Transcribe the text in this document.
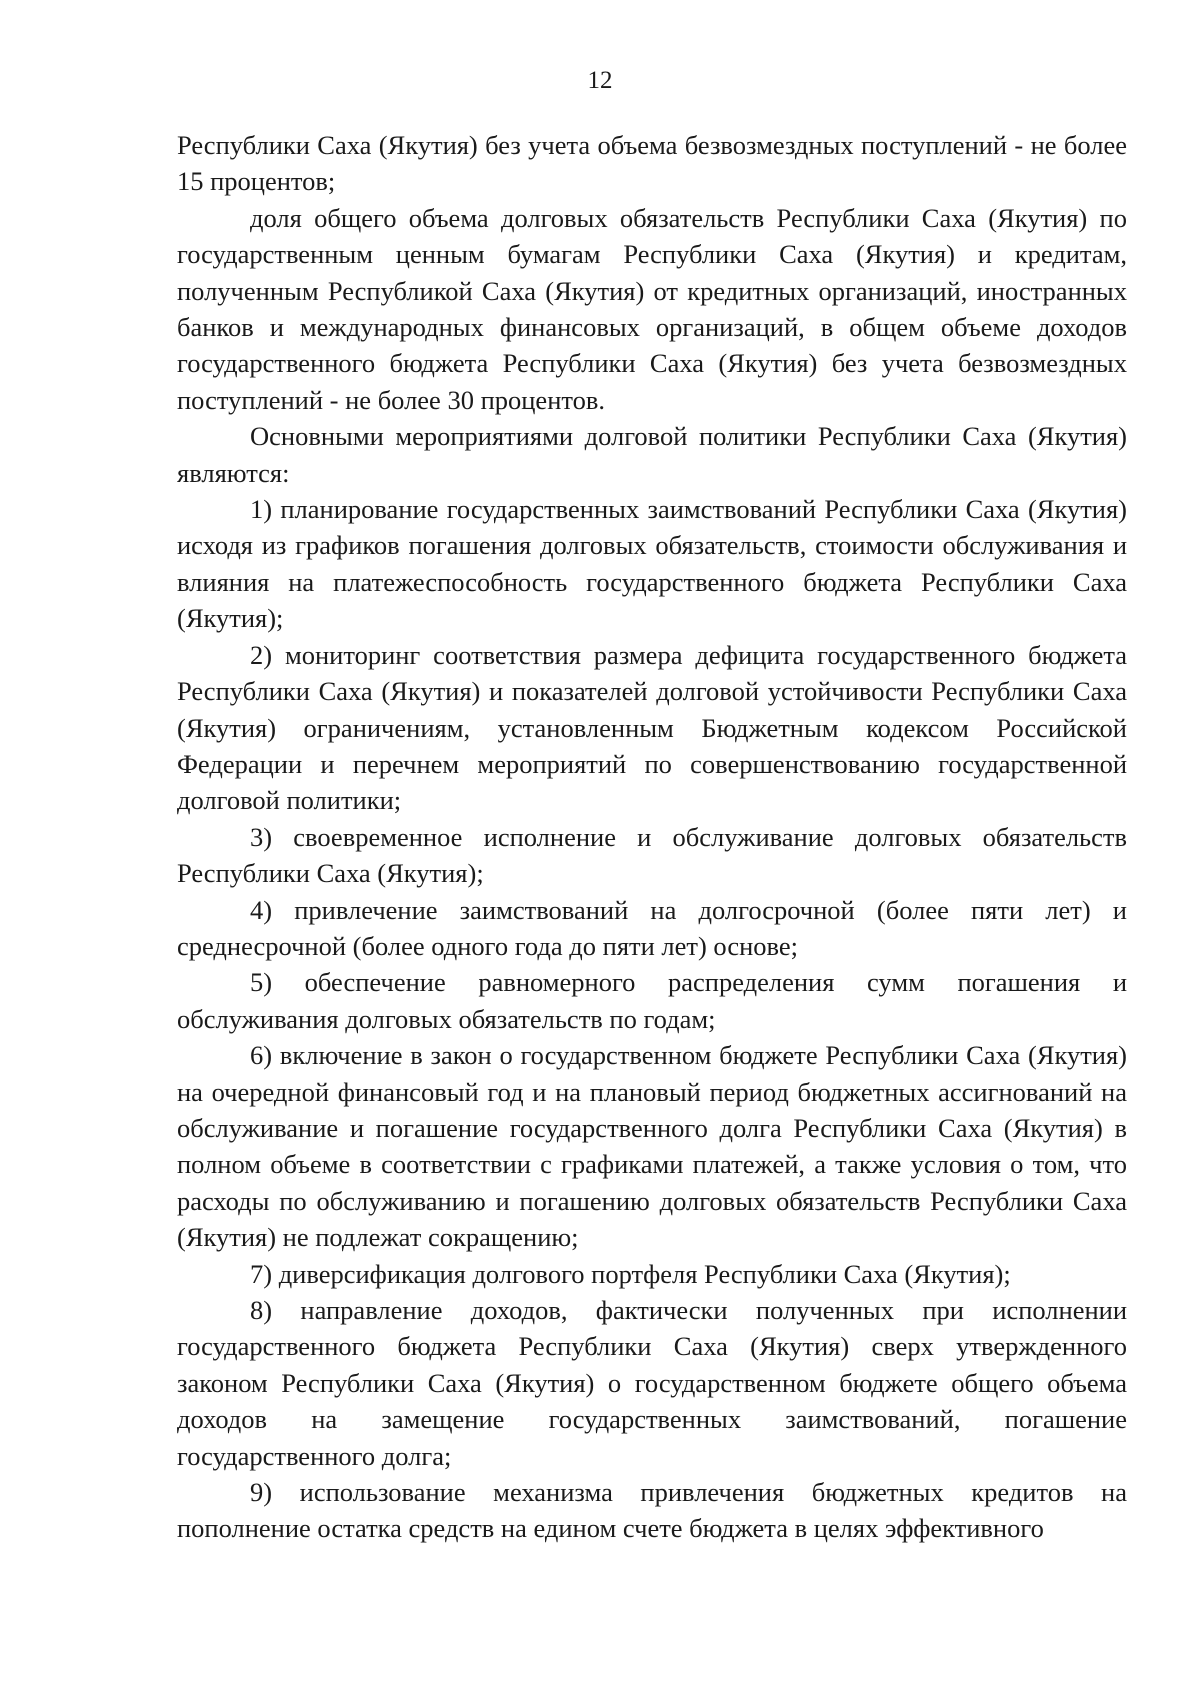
12

Республики Саха (Якутия) без учета объема безвозмездных поступлений - не более 15 процентов;

доля общего объема долговых обязательств Республики Саха (Якутия) по государственным ценным бумагам Республики Саха (Якутия) и кредитам, полученным Республикой Саха (Якутия) от кредитных организаций, иностранных банков и международных финансовых организаций, в общем объеме доходов государственного бюджета Республики Саха (Якутия) без учета безвозмездных поступлений - не более 30 процентов.

Основными мероприятиями долговой политики Республики Саха (Якутия) являются:

1) планирование государственных заимствований Республики Саха (Якутия) исходя из графиков погашения долговых обязательств, стоимости обслуживания и влияния на платежеспособность государственного бюджета Республики Саха (Якутия);

2) мониторинг соответствия размера дефицита государственного бюджета Республики Саха (Якутия) и показателей долговой устойчивости Республики Саха (Якутия) ограничениям, установленным Бюджетным кодексом Российской Федерации и перечнем мероприятий по совершенствованию государственной долговой политики;

3) своевременное исполнение и обслуживание долговых обязательств Республики Саха (Якутия);

4) привлечение заимствований на долгосрочной (более пяти лет) и среднесрочной (более одного года до пяти лет) основе;

5) обеспечение равномерного распределения сумм погашения и обслуживания долговых обязательств по годам;

6) включение в закон о государственном бюджете Республики Саха (Якутия) на очередной финансовый год и на плановый период бюджетных ассигнований на обслуживание и погашение государственного долга Республики Саха (Якутия) в полном объеме в соответствии с графиками платежей, а также условия о том, что расходы по обслуживанию и погашению долговых обязательств Республики Саха (Якутия) не подлежат сокращению;

7) диверсификация долгового портфеля Республики Саха (Якутия);

8) направление доходов, фактически полученных при исполнении государственного бюджета Республики Саха (Якутия) сверх утвержденного законом Республики Саха (Якутия) о государственном бюджете общего объема доходов на замещение государственных заимствований, погашение государственного долга;

9) использование механизма привлечения бюджетных кредитов на пополнение остатка средств на едином счете бюджета в целях эффективного
